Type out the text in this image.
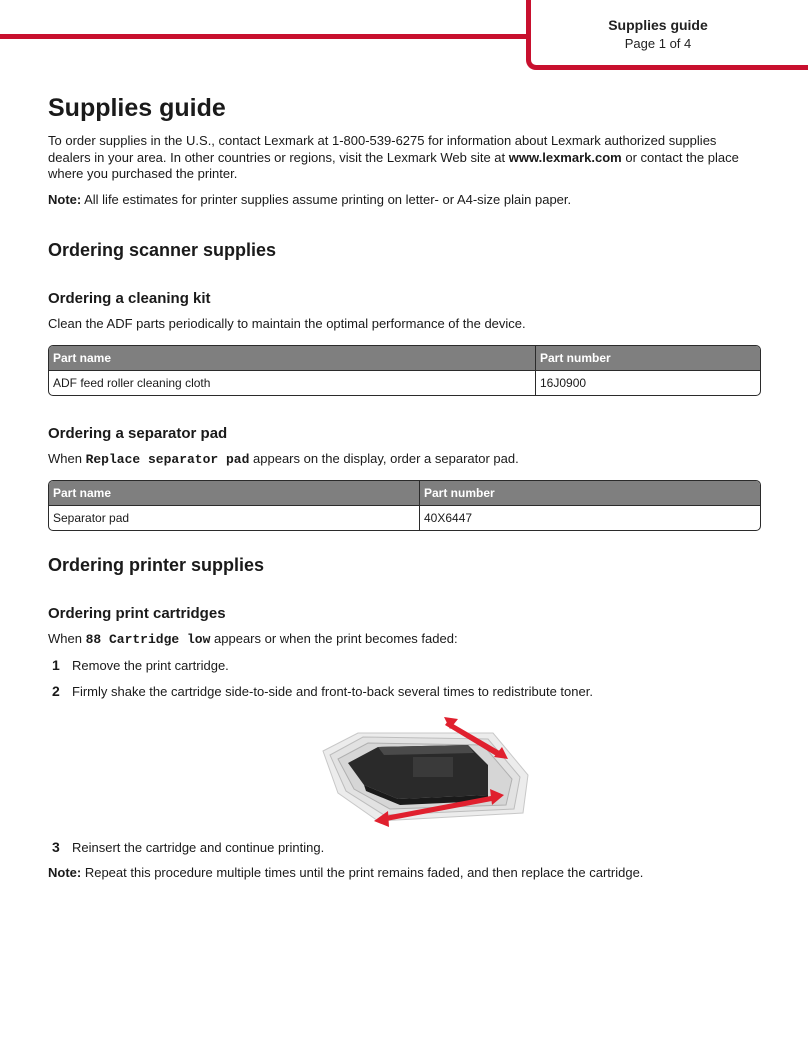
Supplies guide
Page 1 of 4
Supplies guide

To order supplies in the U.S., contact Lexmark at 1-800-539-6275 for information about Lexmark authorized supplies dealers in your area. In other countries or regions, visit the Lexmark Web site at www.lexmark.com or contact the place where you purchased the printer.

Note: All life estimates for printer supplies assume printing on letter- or A4-size plain paper.

Ordering scanner supplies
Ordering a cleaning kit

Clean the ADF parts periodically to maintain the optimal performance of the device.

Part name	Part number
ADF feed roller cleaning cloth	16J0900
Ordering a separator pad

When Replace separator pad appears on the display, order a separator pad.

Part name	Part number
Separator pad	40X6447
Ordering printer supplies
Ordering print cartridges

When 88 Cartridge low appears or when the print becomes faded:

1 Remove the print cartridge.
2 Firmly shake the cartridge side-to-side and front-to-back several times to redistribute toner.
3 Reinsert the cartridge and continue printing.

Note: Repeat this procedure multiple times until the print remains faded, and then replace the cartridge.
